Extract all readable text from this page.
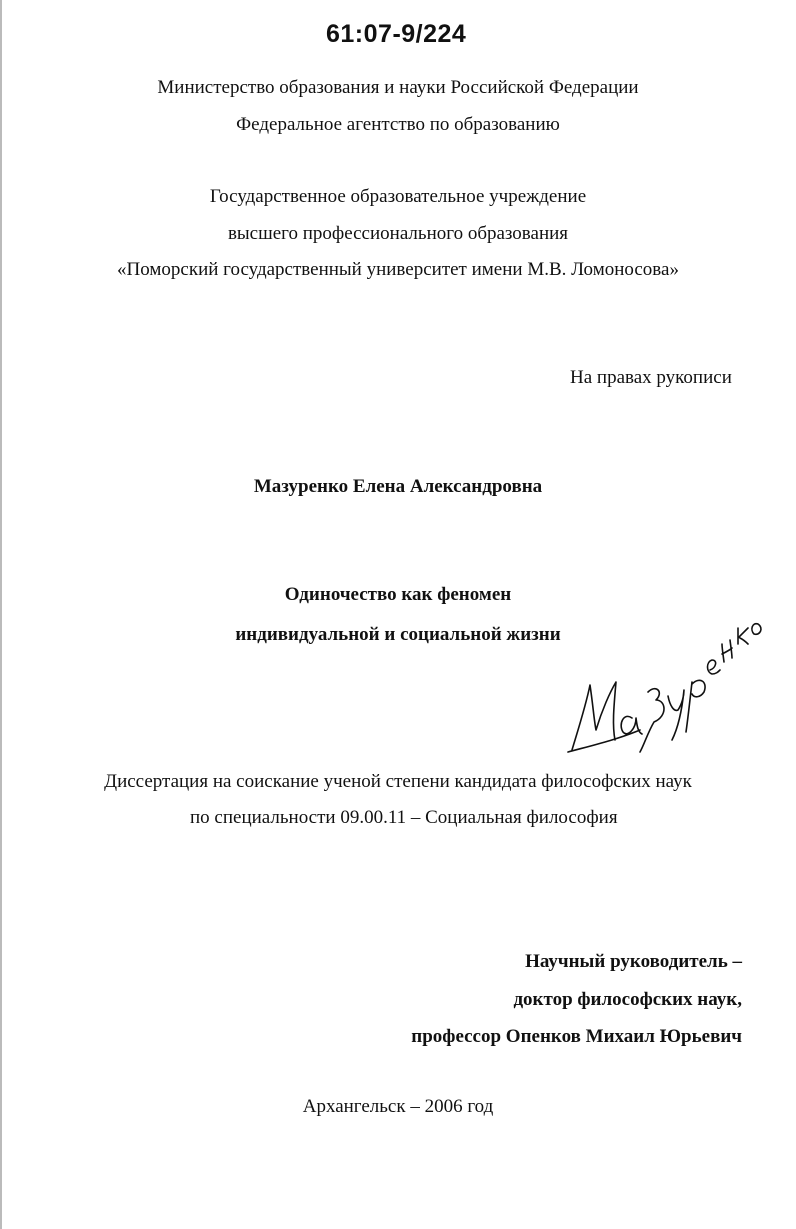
61:07-9/224
Министерство образования и науки Российской Федерации
Федеральное агентство по образованию
Государственное образовательное учреждение
высшего профессионального образования
«Поморский государственный университет имени М.В. Ломоносова»
На правах рукописи
Мазуренко Елена Александровна
Одиночество как феномен
индивидуальной и социальной жизни
Диссертация на соискание ученой степени кандидата философских наук
по специальности 09.00.11 – Социальная философия
Научный руководитель –
доктор философских наук,
профессор Опенков Михаил Юрьевич
Архангельск – 2006 год
